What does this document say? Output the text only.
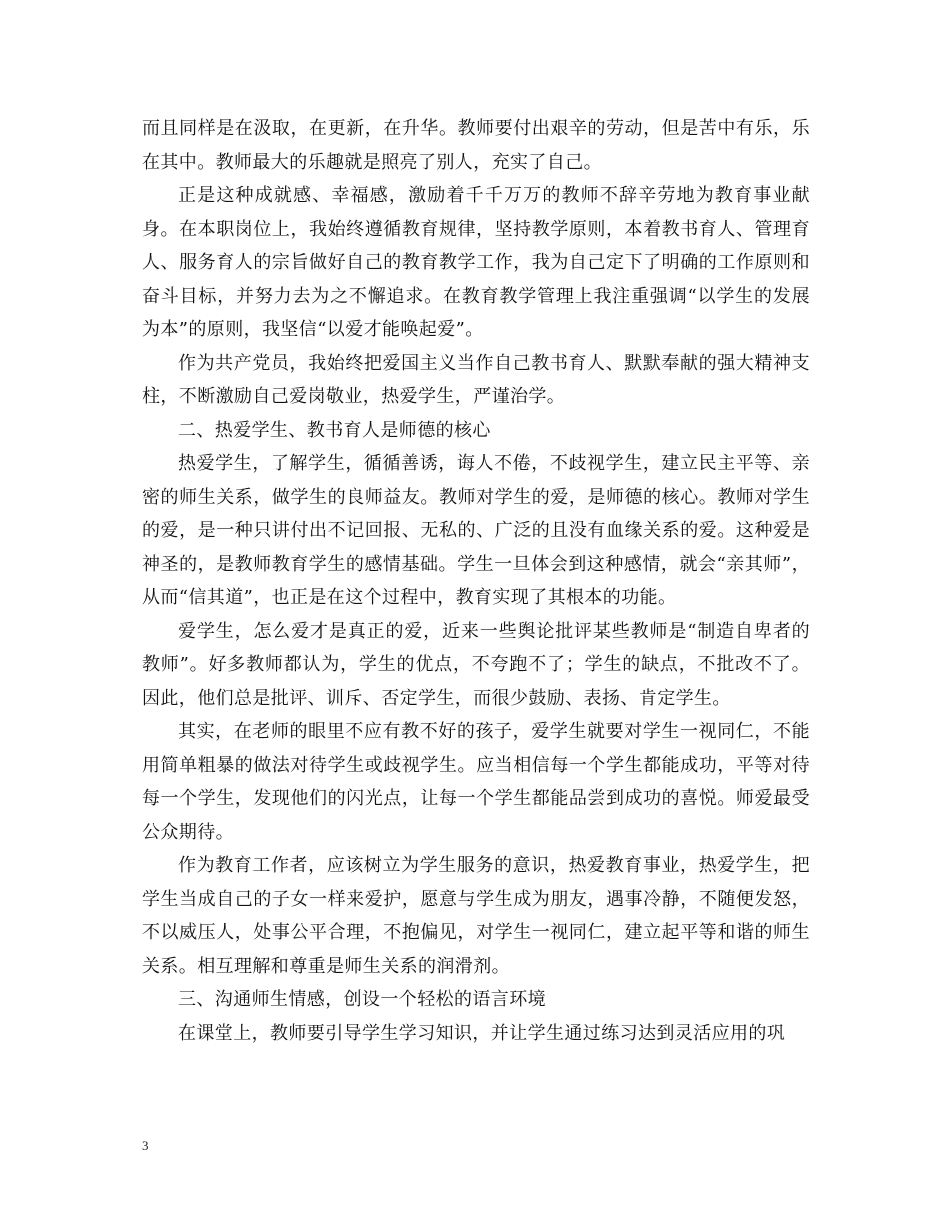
而且同样是在汲取，在更新，在升华。教师要付出艰辛的劳动，但是苦中有乐，乐在其中。教师最大的乐趣就是照亮了别人，充实了自己。

正是这种成就感、幸福感，激励着千千万万的教师不辞辛劳地为教育事业献身。在本职岗位上，我始终遵循教育规律，坚持教学原则，本着教书育人、管理育人、服务育人的宗旨做好自己的教育教学工作，我为自己定下了明确的工作原则和奋斗目标，并努力去为之不懈追求。在教育教学管理上我注重强调“以学生的发展为本”的原则，我坚信“以爱才能唤起爱”。

作为共产党员，我始终把爱国主义当作自己教书育人、默默奉献的强大精神支柱，不断激励自己爱岗敬业，热爱学生，严谨治学。

二、热爱学生、教书育人是师德的核心

热爱学生，了解学生，循循善诱，诲人不倦，不歧视学生，建立民主平等、亲密的师生关系，做学生的良师益友。教师对学生的爱，是师德的核心。教师对学生的爱，是一种只讲付出不记回报、无私的、广泛的且没有血缘关系的爱。这种爱是神圣的，是教师教育学生的感情基础。学生一旦体会到这种感情，就会“亲其师”，从而“信其道”，也正是在这个过程中，教育实现了其根本的功能。

爱学生，怎么爱才是真正的爱，近来一些舆论批评某些教师是“制造自卑者的教师”。好多教师都认为，学生的优点，不夸跑不了；学生的缺点，不批改不了。因此，他们总是批评、训斥、否定学生，而很少鼓励、表扬、肯定学生。

其实，在老师的眼里不应有教不好的孩子，爱学生就要对学生一视同仁，不能用简单粗暴的做法对待学生或歧视学生。应当相信每一个学生都能成功，平等对待每一个学生，发现他们的闪光点，让每一个学生都能品尝到成功的喜悦。师爱最受公众期待。

作为教育工作者，应该树立为学生服务的意识，热爱教育事业，热爱学生，把学生当成自己的子女一样来爱护，愿意与学生成为朋友，遇事冷静，不随便发怒，不以威压人，处事公平合理，不抱偏见，对学生一视同仁，建立起平等和谐的师生关系。相互理解和尊重是师生关系的润滑剂。

三、沟通师生情感，创设一个轻松的语言环境

在课堂上，教师要引导学生学习知识，并让学生通过练习达到灵活应用的巩

3
